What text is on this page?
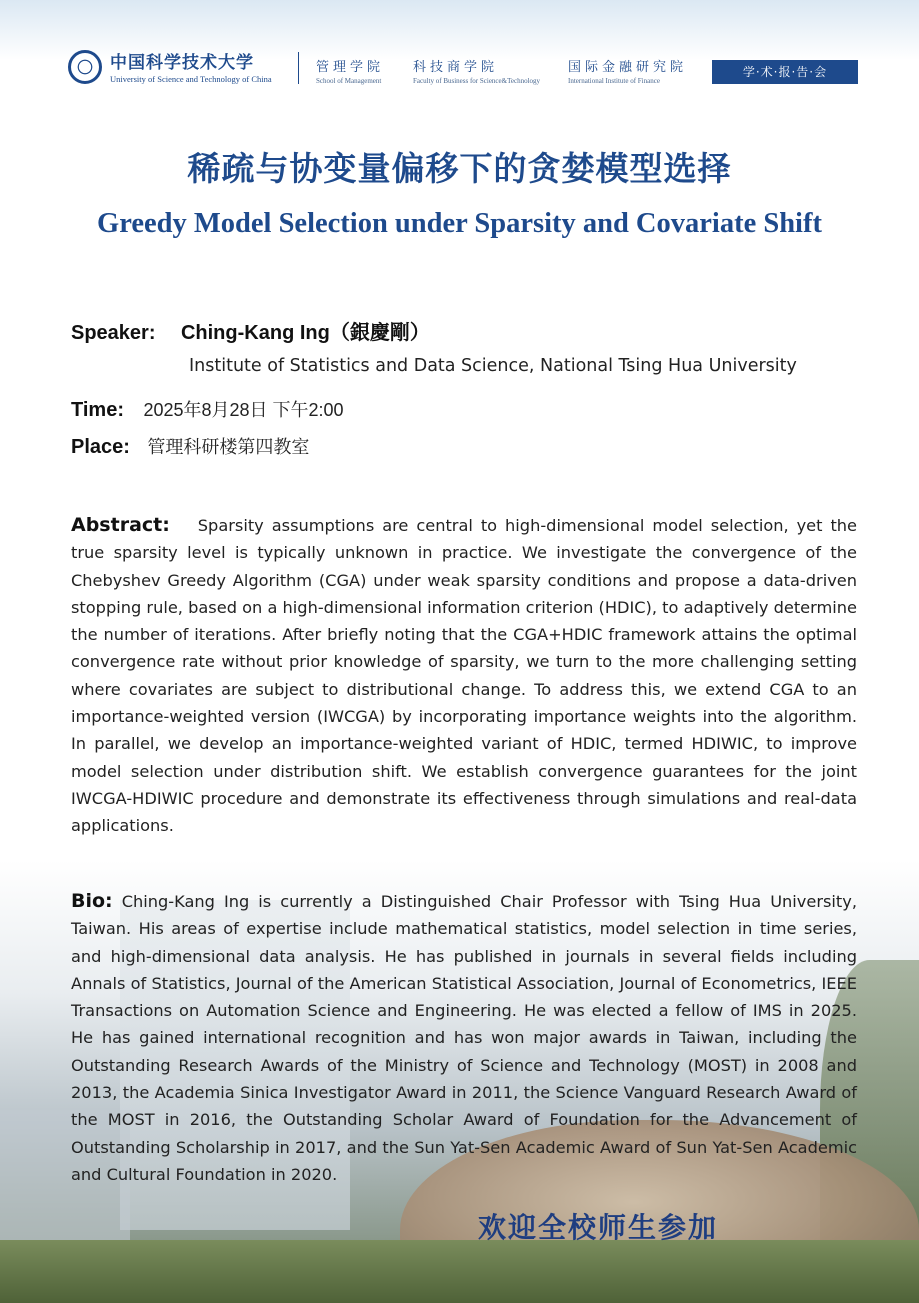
中国科学技术大学
University of Science and Technology of China
管理学院
School of Management
科技商学院
Faculty of Business for Science&Technology
国际金融研究院
International Institute of Finance
学·术·报·告·会
稀疏与协变量偏移下的贪婪模型选择
Greedy Model Selection under Sparsity and Covariate Shift
Speaker: Ching-Kang Ing（銀慶剛）
Institute of Statistics and Data Science, National Tsing Hua University
Time: 2025年8月28日 下午2:00
Place: 管理科研楼第四教室
Abstract: Sparsity assumptions are central to high-dimensional model selection, yet the true sparsity level is typically unknown in practice. We investigate the convergence of the Chebyshev Greedy Algorithm (CGA) under weak sparsity conditions and propose a data-driven stopping rule, based on a high-dimensional information criterion (HDIC), to adaptively determine the number of iterations. After briefly noting that the CGA+HDIC framework attains the optimal convergence rate without prior knowledge of sparsity, we turn to the more challenging setting where covariates are subject to distributional change. To address this, we extend CGA to an importance-weighted version (IWCGA) by incorporating importance weights into the algorithm. In parallel, we develop an importance-weighted variant of HDIC, termed HDIWIC, to improve model selection under distribution shift. We establish convergence guarantees for the joint IWCGA-HDIWIC procedure and demonstrate its effectiveness through simulations and real-data applications.
Bio: Ching-Kang Ing is currently a Distinguished Chair Professor with Tsing Hua University, Taiwan. His areas of expertise include mathematical statistics, model selection in time series, and high-dimensional data analysis. He has published in journals in several fields including Annals of Statistics, Journal of the American Statistical Association, Journal of Econometrics, IEEE Transactions on Automation Science and Engineering. He was elected a fellow of IMS in 2025. He has gained international recognition and has won major awards in Taiwan, including the Outstanding Research Awards of the Ministry of Science and Technology (MOST) in 2008 and 2013, the Academia Sinica Investigator Award in 2011, the Science Vanguard Research Award of the MOST in 2016, the Outstanding Scholar Award of Foundation for the Advancement of Outstanding Scholarship in 2017, and the Sun Yat-Sen Academic Award of Sun Yat-Sen Academic and Cultural Foundation in 2020.
欢迎全校师生参加
